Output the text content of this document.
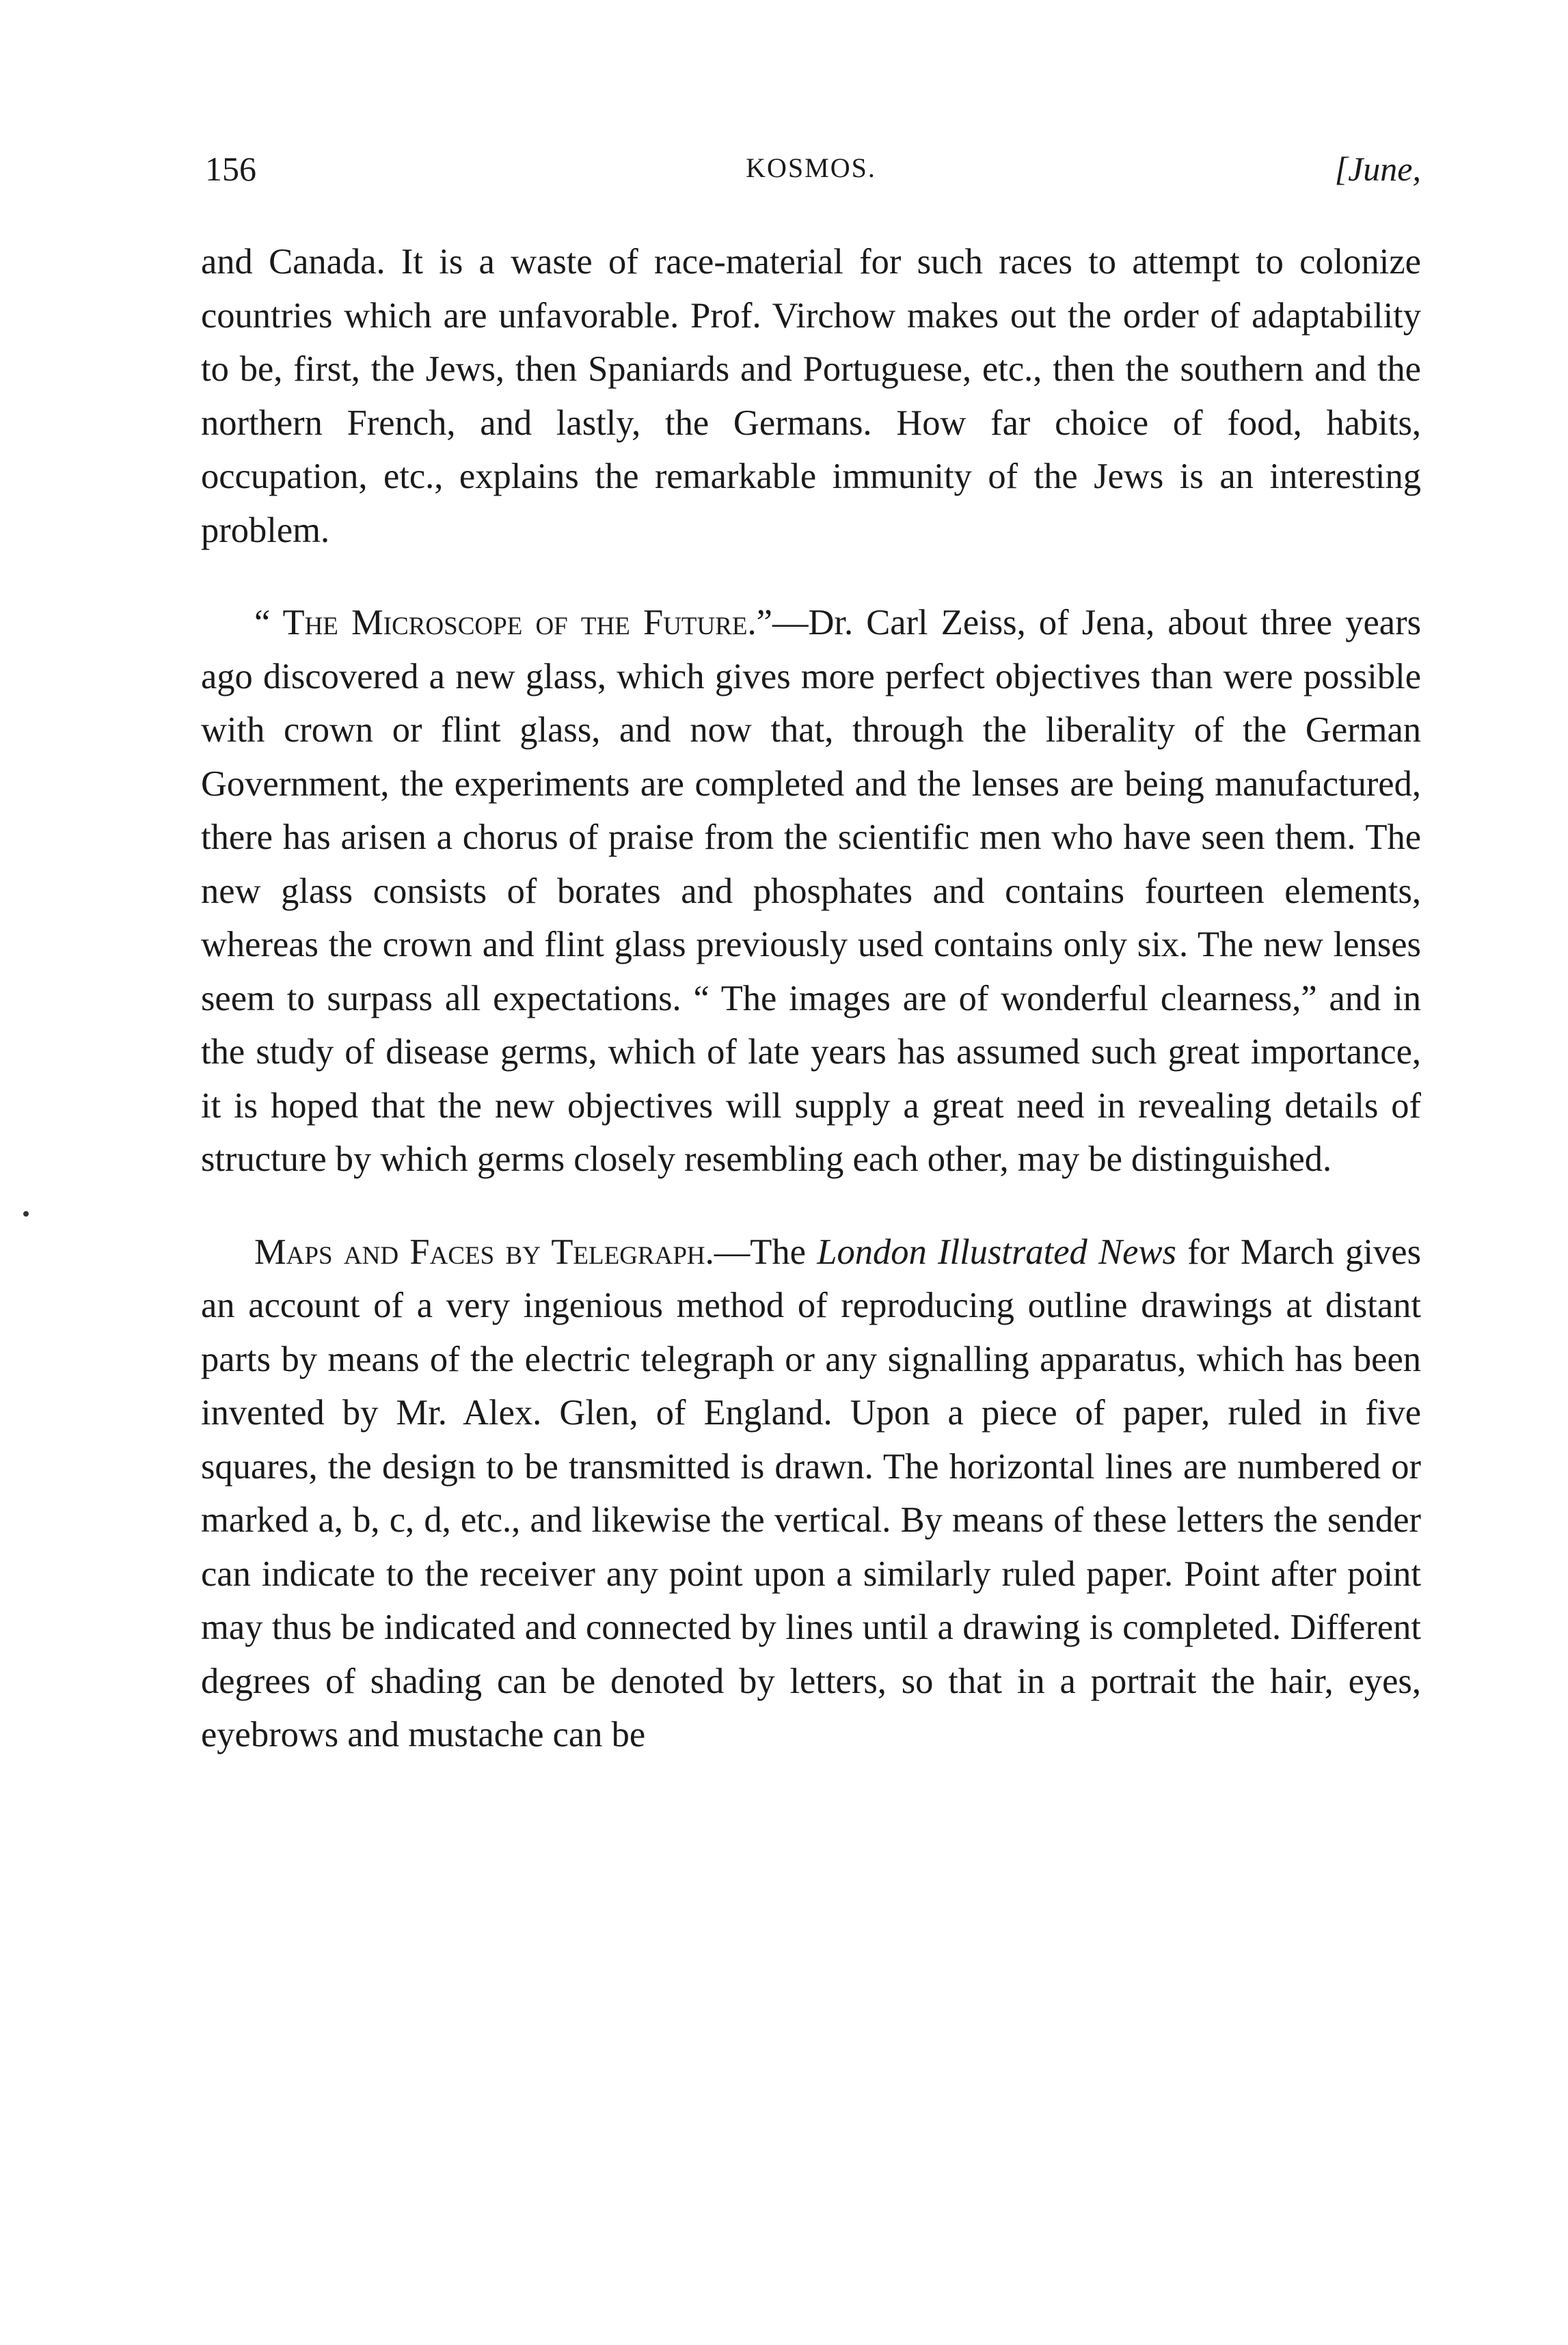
156	KOSMOS.	[June,

and Canada. It is a waste of race-material for such races to attempt to colonize countries which are unfavorable. Prof. Virchow makes out the order of adaptability to be, first, the Jews, then Spaniards and Portuguese, etc., then the southern and the northern French, and lastly, the Germans. How far choice of food, habits, occupation, etc., explains the remarkable immunity of the Jews is an interesting problem.

“ The Microscope of the Future.”—Dr. Carl Zeiss, of Jena, about three years ago discovered a new glass, which gives more perfect objectives than were possible with crown or flint glass, and now that, through the liberality of the German Government, the experiments are completed and the lenses are being manufactured, there has arisen a chorus of praise from the scientific men who have seen them. The new glass consists of borates and phosphates and contains fourteen elements, whereas the crown and flint glass previously used contains only six. The new lenses seem to surpass all expectations. “ The images are of wonderful clearness,” and in the study of disease germs, which of late years has assumed such great importance, it is hoped that the new objectives will supply a great need in revealing details of structure by which germs closely resembling each other, may be distinguished.

Maps and Faces by Telegraph.—The London Illustrated News for March gives an account of a very ingenious method of reproducing outline drawings at distant parts by means of the electric telegraph or any signalling apparatus, which has been invented by Mr. Alex. Glen, of England. Upon a piece of paper, ruled in five squares, the design to be transmitted is drawn. The horizontal lines are numbered or marked a, b, c, d, etc., and likewise the vertical. By means of these letters the sender can indicate to the receiver any point upon a similarly ruled paper. Point after point may thus be indicated and connected by lines until a drawing is completed. Different degrees of shading can be denoted by letters, so that in a portrait the hair, eyes, eyebrows and mustache can be
